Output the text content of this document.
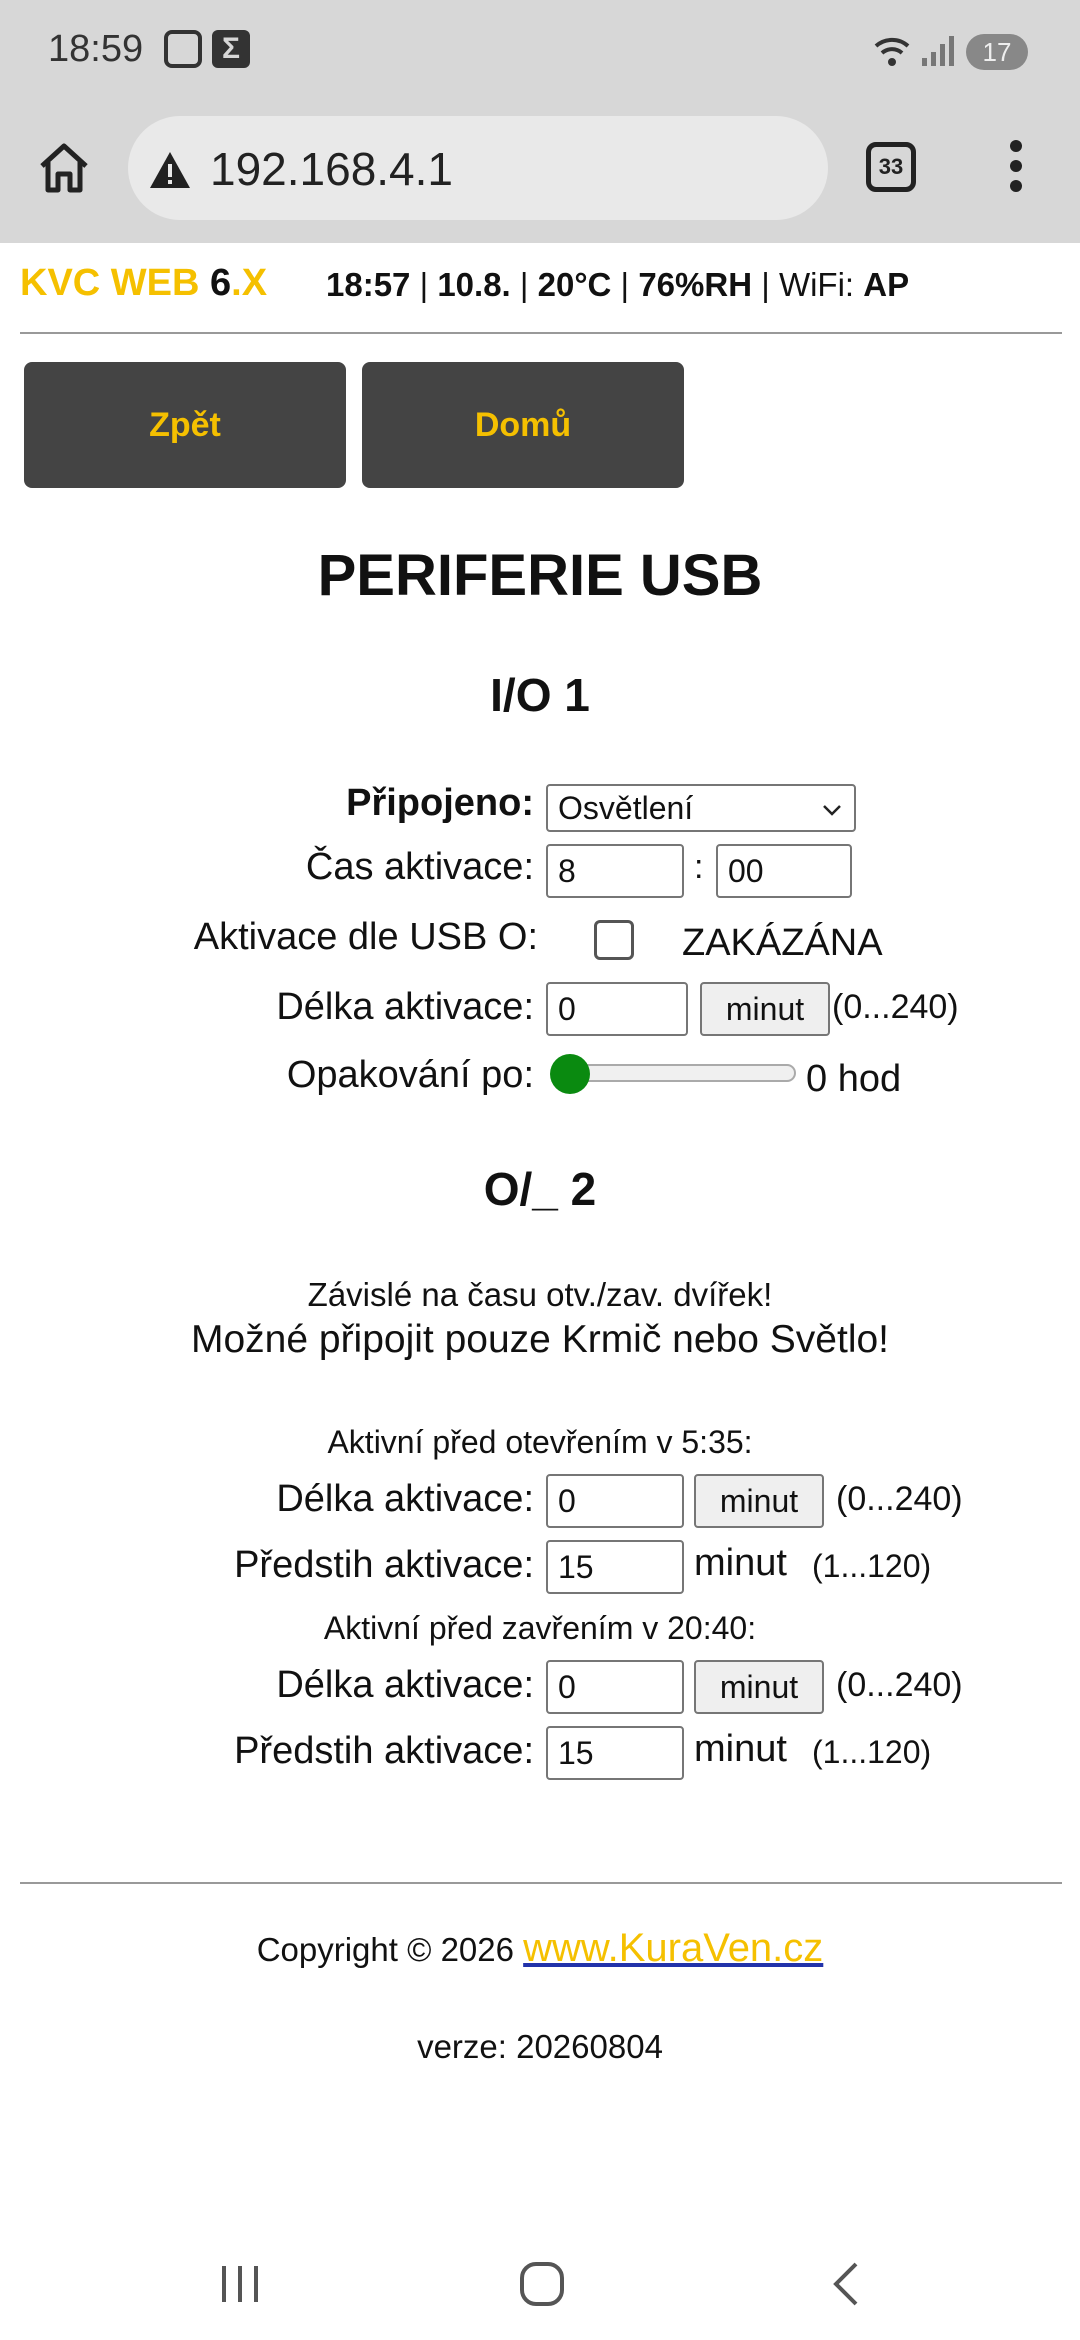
18:59	Σ	17
192.168.4.1	33
KVC WEB 6.X 18:57 | 10.8. | 20°C | 76%RH | WiFi: AP
Zpět	Domů
PERIFERIE USB
I/O 1
Připojeno: Osvětlení
Čas aktivace: 8	: 00
Aktivace dle USB O:	ZAKÁZÁNA
Délka aktivace: 0	minut (0...240)
Opakování po:	0 hod
O/_ 2
Závislé na času otv./zav. dvířek!
Možné připojit pouze Krmič nebo Světlo!
Aktivní před otevřením v 5:35:
Délka aktivace: 0	minut	(0...240)
Předstih aktivace: 15	minut (1...120)
Aktivní před zavřením v 20:40:
Délka aktivace: 0	minut	(0...240)
Předstih aktivace: 15	minut (1...120)
Copyright © 2026 www.KuraVen.cz
verze: 20260804
